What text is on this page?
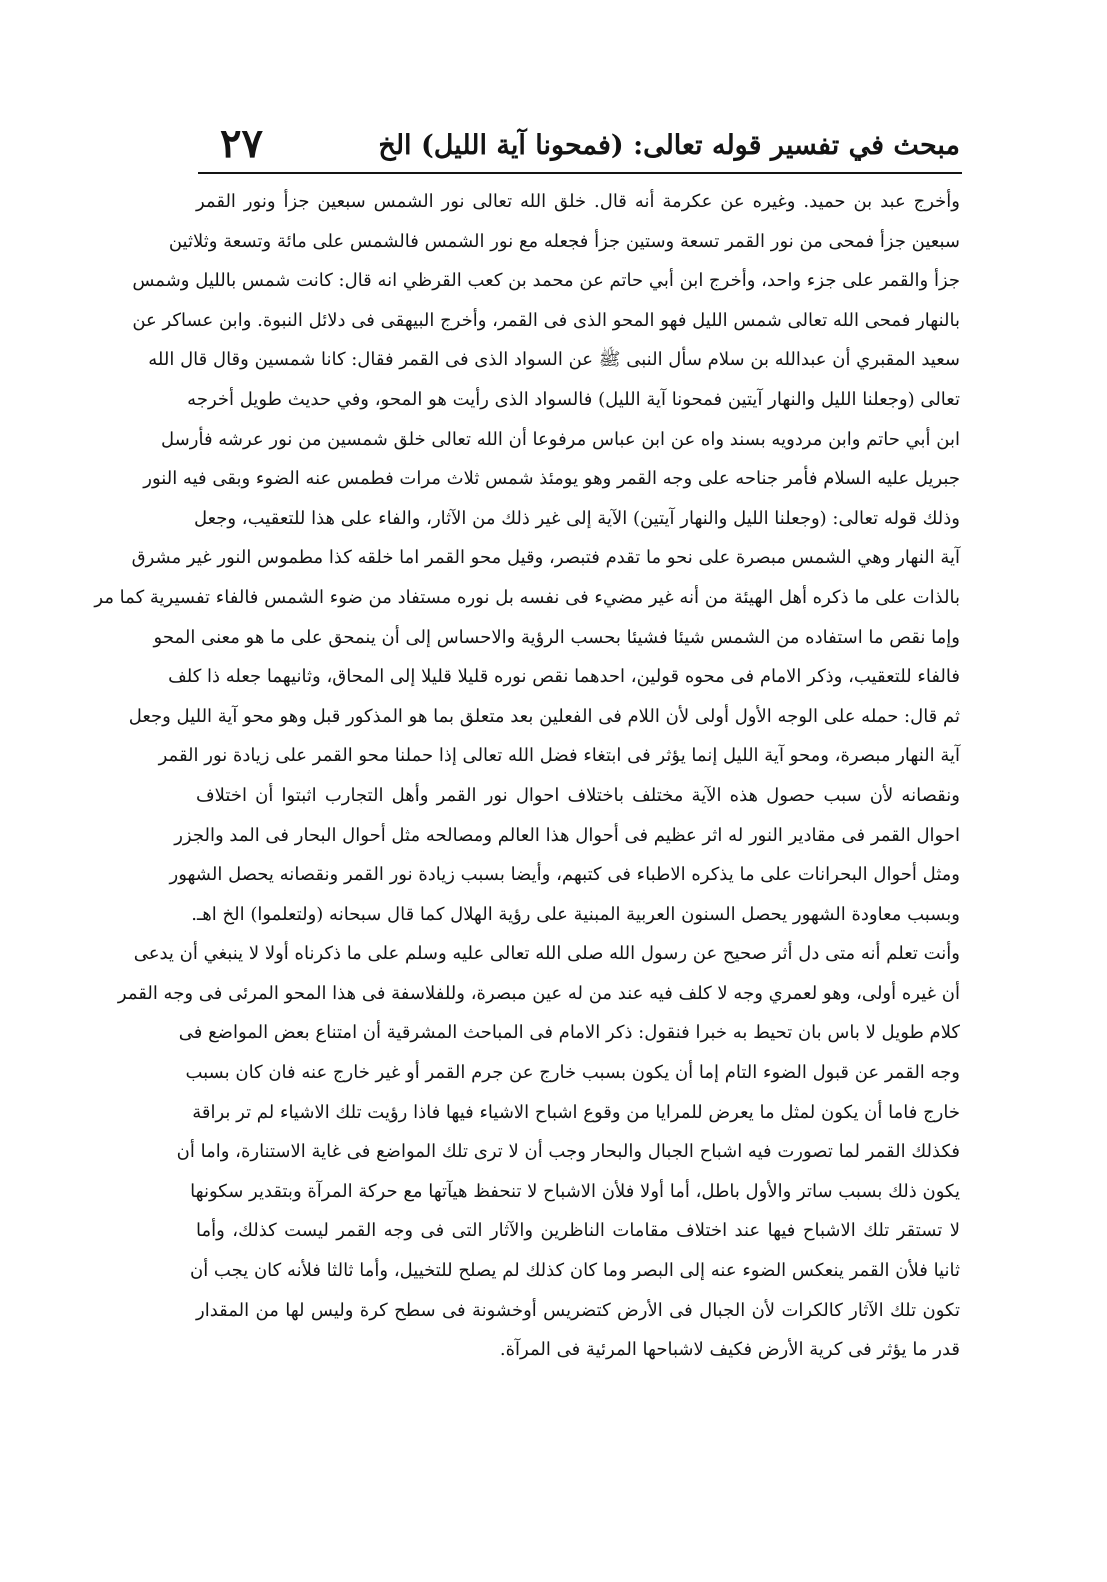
مبحث في تفسير قوله تعالى: (فمحونا آية الليل) الخ
٢٧
وأخرج عبد بن حميد. وغيره عن عكرمة أنه قال. خلق الله تعالى نور الشمس سبعين جزأ ونور القمر
سبعين جزأ فمحى من نور القمر تسعة وستين جزأ فجعله مع نور الشمس فالشمس على مائة وتسعة وثلاثين
جزأ والقمر على جزء واحد، وأخرج ابن أبي حاتم عن محمد بن كعب القرظي انه قال: كانت شمس بالليل وشمس
بالنهار فمحى الله تعالى شمس الليل فهو المحو الذى فى القمر، وأخرج البيهقى فى دلائل النبوة. وابن عساكر عن
سعيد المقبري أن عبدالله بن سلام سأل النبى ﷺ عن السواد الذى فى القمر فقال: كانا شمسين وقال قال الله
تعالى (وجعلنا الليل والنهار آيتين فمحونا آية الليل) فالسواد الذى رأيت هو المحو، وفي حديث طويل أخرجه
ابن أبي حاتم وابن مردويه بسند واه عن ابن عباس مرفوعا أن الله تعالى خلق شمسين من نور عرشه فأرسل
جبريل عليه السلام فأمر جناحه على وجه القمر وهو يومئذ شمس ثلاث مرات فطمس عنه الضوء وبقى فيه النور
وذلك قوله تعالى: (وجعلنا الليل والنهار آيتين) الآية إلى غير ذلك من الآثار، والفاء على هذا للتعقيب، وجعل
آية النهار وهي الشمس مبصرة على نحو ما تقدم فتبصر، وقيل محو القمر اما خلقه كذا مطموس النور غير مشرق
بالذات على ما ذكره أهل الهيئة من أنه غير مضيء فى نفسه بل نوره مستفاد من ضوء الشمس فالفاء تفسيرية كما مر
وإما نقص ما استفاده من الشمس شيئا فشيئا بحسب الرؤية والاحساس إلى أن ينمحق على ما هو معنى المحو
فالفاء للتعقيب، وذكر الامام فى محوه قولين، احدهما نقص نوره قليلا قليلا إلى المحاق، وثانيهما جعله ذا كلف
ثم قال: حمله على الوجه الأول أولى لأن اللام فى الفعلين بعد متعلق بما هو المذكور قبل وهو محو آية الليل وجعل
آية النهار مبصرة، ومحو آية الليل إنما يؤثر فى ابتغاء فضل الله تعالى إذا حملنا محو القمر على زيادة نور القمر
ونقصانه لأن سبب حصول هذه الآية مختلف باختلاف احوال نور القمر وأهل التجارب اثبتوا أن اختلاف
احوال القمر فى مقادير النور له اثر عظيم فى أحوال هذا العالم ومصالحه مثل أحوال البحار فى المد والجزر
ومثل أحوال البحرانات على ما يذكره الاطباء فى كتبهم، وأيضا بسبب زيادة نور القمر ونقصانه يحصل الشهور
وبسبب معاودة الشهور يحصل السنون العربية المبنية على رؤية الهلال كما قال سبحانه (ولتعلموا) الخ اهـ.
وأنت تعلم أنه متى دل أثر صحيح عن رسول الله صلى الله تعالى عليه وسلم على ما ذكرناه أولا لا ينبغي أن يدعى
أن غيره أولى، وهو لعمري وجه لا كلف فيه عند من له عين مبصرة، وللفلاسفة فى هذا المحو المرئى فى وجه القمر
كلام طويل لا باس بان تحيط به خبرا فنقول: ذكر الامام فى المباحث المشرقية أن امتناع بعض المواضع فى
وجه القمر عن قبول الضوء التام إما أن يكون بسبب خارج عن جرم القمر أو غير خارج عنه فان كان بسبب
خارج فاما أن يكون لمثل ما يعرض للمرايا من وقوع اشباح الاشياء فيها فاذا رؤيت تلك الاشياء لم تر براقة
فكذلك القمر لما تصورت فيه اشباح الجبال والبحار وجب أن لا ترى تلك المواضع فى غاية الاستنارة، واما أن
يكون ذلك بسبب ساتر والأول باطل، أما أولا فلأن الاشباح لا تنحفظ هيآتها مع حركة المرآة وبتقدير سكونها
لا تستقر تلك الاشباح فيها عند اختلاف مقامات الناظرين والآثار التى فى وجه القمر ليست كذلك، وأما
ثانيا فلأن القمر ينعكس الضوء عنه إلى البصر وما كان كذلك لم يصلح للتخييل، وأما ثالثا فلأنه كان يجب أن
تكون تلك الآثار كالكرات لأن الجبال فى الأرض كتضريس أوخشونة فى سطح كرة وليس لها من المقدار
قدر ما يؤثر فى كرية الأرض فكيف لاشباحها المرئية فى المرآة.
